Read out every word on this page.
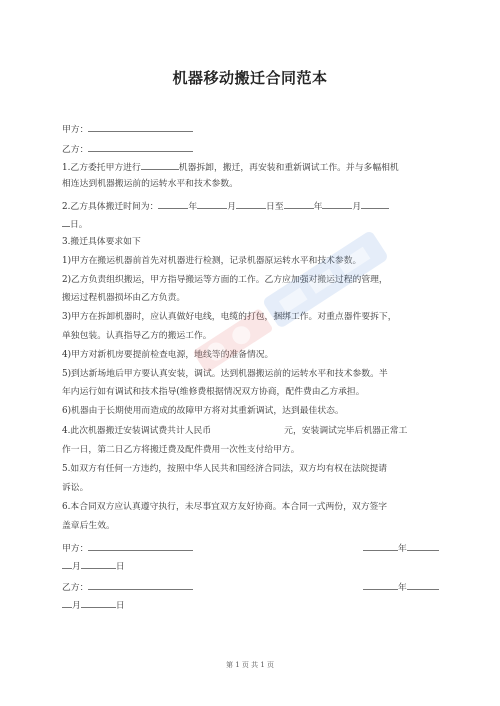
机器移动搬迁合同范本
甲方：
乙方：
1.乙方委托甲方进行	机器拆卸，搬迁，再安装和重新调试工作。并与多幅相机
相连达到机器搬运前的运转水平和技术参数。
2.乙方具体搬迁时间为：	年	月	日至	年	月
日。
3.搬迁具体要求如下
1)甲方在搬运机器前首先对机器进行检测，记录机器原运转水平和技术参数。
2)乙方负责组织搬运，甲方指导搬运等方面的工作。乙方应加强对搬运过程的管理，
搬运过程机器损坏由乙方负责。
3)甲方在拆卸机器时，应认真做好电线，电缆的打包，捆绑工作。对重点器件要拆下，
单独包装。认真指导乙方的搬运工作。
4)甲方对新机房要提前检查电源，地线等的准备情况。
5)到达新场地后甲方要认真安装，调试。达到机器搬运前的运转水平和技术参数。半
年内运行如有调试和技术指导(维修费根据情况双方协商，配件费由乙方承担。
6)机器由于长期使用而造成的故障甲方将对其重新调试，达到最佳状态。
4.此次机器搬迁安装调试费共计人民币	元，安装调试完毕后机器正常工
作一日，第二日乙方将搬迁费及配件费用一次性支付给甲方。
5.如双方有任何一方违约，按照中华人民共和国经济合同法，双方均有权在法院提请
诉讼。
6.本合同双方应认真遵守执行，未尽事宜双方友好协商。本合同一式两份，双方签字
盖章后生效。
甲方：	年
月	日
乙方：	年
月	日
第 1 页 共 1 页
